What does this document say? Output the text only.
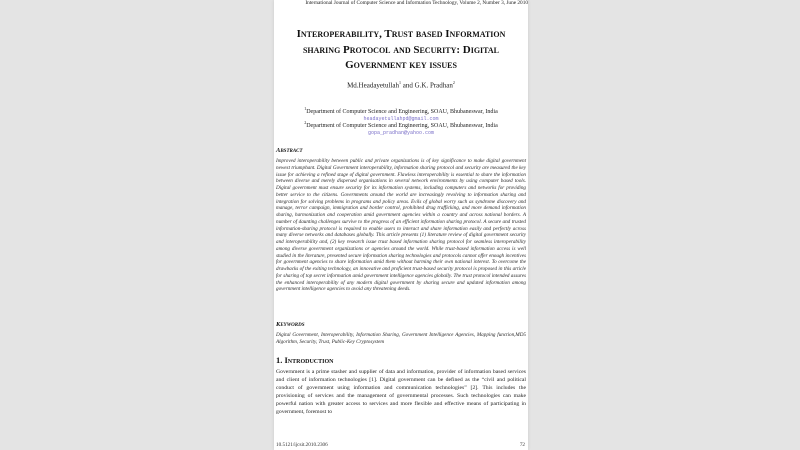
International Journal of Computer Science and Information Technology, Volume 2, Number 3, June 2010
Interoperability, Trust based Information sharing Protocol and Security: Digital Government key issues
Md.Headayetullah$^1$ and G.K. Pradhan$^2$
$^1$Department of Computer Science and Engineering, SOAU, Bhubaneswar, India
headayetullahpd@gmail.com
$^2$Department of Computer Science and Engineering, SOAU, Bhubaneswar, India
gopa_pradhan@yahoo.com
Abstract
Improved interoperability between public and private organizations is of key significance to make digital government newest triumphant. Digital Government interoperability, information sharing protocol and security are measured the key issue for achieving a refined stage of digital government. Flawless interoperability is essential to share the information between diverse and merely dispersed organisations in several network environments by using computer based tools. Digital government must ensure security for its information systems, including computers and networks for providing better service to the citizens. Governments around the world are increasingly revolving to information sharing and integration for solving problems in programs and policy areas. Evils of global worry such as syndrome discovery and manage, terror campaign, immigration and border control, prohibited drug trafficking, and more demand information sharing, harmonization and cooperation amid government agencies within a country and across national borders. A number of daunting challenges survive to the progress of an efficient information sharing protocol. A secure and trusted information-sharing protocol is required to enable users to interact and share information easily and perfectly across many diverse networks and databases globally. This article presents (1) literature review of digital government security and interoperability and, (2) key research issue trust based information sharing protocol for seamless interoperability among diverse government organizations or agencies around the world. While trust-based information access is well studied in the literature, presented secure information sharing technologies and protocols cannot offer enough incentives for government agencies to share information amid them without harming their own national interest. To overcome the drawbacks of the exiting technology, an innovative and proficient trust-based security protocol is proposed in this article for sharing of top secret information amid government intelligence agencies globally. The trust protocol intended assures the enhanced interoperability of any modern digital government by sharing secure and updated information among government intelligence agencies to avoid any threatening deeds.
Keywords
Digital Government, Interoperability, Information Sharing, Government Intelligence Agencies, Mapping function,MD5 Algorithm, Security, Trust, Public-Key Cryptosystem
1. Introduction
Government is a prime stasher and supplier of data and information, provider of information based services and client of information technologies [1]. Digital government can be defined as the “civil and political conduct of government using information and communication technologies” [2]. This includes the provisioning of services and the management of governmental processes. Such technologies can make powerful nation with greater access to services and more flexible and effective means of participating in government, foremost to
10.5121/ijcsit.2010.2306	72
